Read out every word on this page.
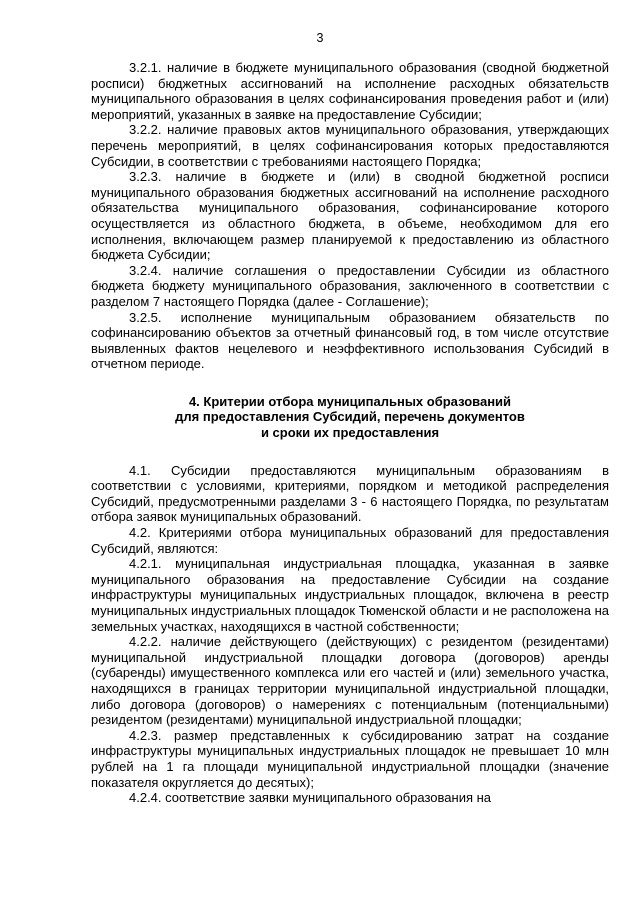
3

3.2.1. наличие в бюджете муниципального образования (сводной бюджетной росписи) бюджетных ассигнований на исполнение расходных обязательств муниципального образования в целях софинансирования проведения работ и (или) мероприятий, указанных в заявке на предоставление Субсидии;

3.2.2. наличие правовых актов муниципального образования, утверждающих перечень мероприятий, в целях софинансирования которых предоставляются Субсидии, в соответствии с требованиями настоящего Порядка;

3.2.3. наличие в бюджете и (или) в сводной бюджетной росписи муниципального образования бюджетных ассигнований на исполнение расходного обязательства муниципального образования, софинансирование которого осуществляется из областного бюджета, в объеме, необходимом для его исполнения, включающем размер планируемой к предоставлению из областного бюджета Субсидии;

3.2.4. наличие соглашения о предоставлении Субсидии из областного бюджета бюджету муниципального образования, заключенного в соответствии с разделом 7 настоящего Порядка (далее - Соглашение);

3.2.5. исполнение муниципальным образованием обязательств по софинансированию объектов за отчетный финансовый год, в том числе отсутствие выявленных фактов нецелевого и неэффективного использования Субсидий в отчетном периоде.

4. Критерии отбора муниципальных образований
для предоставления Субсидий, перечень документов
и сроки их предоставления

4.1. Субсидии предоставляются муниципальным образованиям в соответствии с условиями, критериями, порядком и методикой распределения Субсидий, предусмотренными разделами 3 - 6 настоящего Порядка, по результатам отбора заявок муниципальных образований.

4.2. Критериями отбора муниципальных образований для предоставления Субсидий, являются:

4.2.1. муниципальная индустриальная площадка, указанная в заявке муниципального образования на предоставление Субсидии на создание инфраструктуры муниципальных индустриальных площадок, включена в реестр муниципальных индустриальных площадок Тюменской области и не расположена на земельных участках, находящихся в частной собственности;

4.2.2. наличие действующего (действующих) с резидентом (резидентами) муниципальной индустриальной площадки договора (договоров) аренды (субаренды) имущественного комплекса или его частей и (или) земельного участка, находящихся в границах территории муниципальной индустриальной площадки, либо договора (договоров) о намерениях с потенциальным (потенциальными) резидентом (резидентами) муниципальной индустриальной площадки;

4.2.3. размер представленных к субсидированию затрат на создание инфраструктуры муниципальных индустриальных площадок не превышает 10 млн рублей на 1 га площади муниципальной индустриальной площадки (значение показателя округляется до десятых);

4.2.4. соответствие заявки муниципального образования на
